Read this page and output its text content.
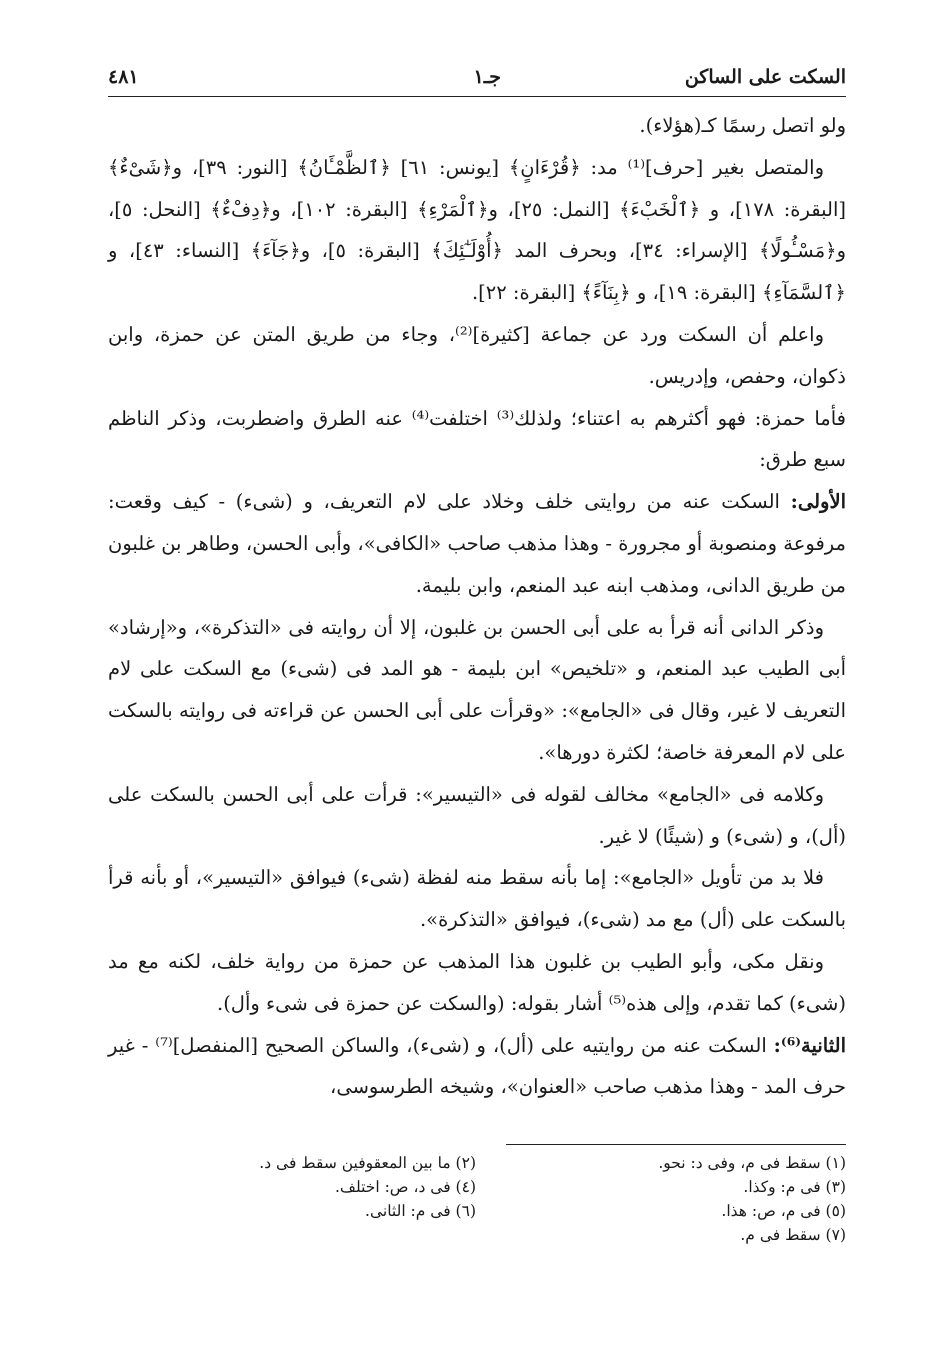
السكت على الساكن
جـ١
٤٨١

ولو اتصل رسمًا كـ(هؤلاء).

والمتصل بغير [حرف]⁽¹⁾ مد: ﴿قُرْءَانٍ﴾ [يونس: ٦١] ﴿ٱلظَّمْـَٔانُ﴾ [النور: ٣٩]، و﴿شَىْءٌ﴾ [البقرة: ١٧٨]، و ﴿ٱلْخَبْءَ﴾ [النمل: ٢٥]، و﴿ٱلْمَرْءِ﴾ [البقرة: ١٠٢]، و﴿دِفْءٌ﴾ [النحل: ٥]، و﴿مَسْـُٔولًا﴾ [الإسراء: ٣٤]، وبحرف المد ﴿أُوْلَـٰٓئِكَ﴾ [البقرة: ٥]، و﴿جَآءَ﴾ [النساء: ٤٣]، و ﴿ٱلسَّمَآءِ﴾ [البقرة: ١٩]، و ﴿بِنَآءً﴾ [البقرة: ٢٢].

واعلم أن السكت ورد عن جماعة [كثيرة]⁽²⁾، وجاء من طريق المتن عن حمزة، وابن ذكوان، وحفص، وإدريس.

فأما حمزة: فهو أكثرهم به اعتناء؛ ولذلك⁽³⁾ اختلفت⁽⁴⁾ عنه الطرق واضطربت، وذكر الناظم سبع طرق:

الأولى: السكت عنه من روايتى خلف وخلاد على لام التعريف، و (شىء) - كيف وقعت: مرفوعة ومنصوبة أو مجرورة - وهذا مذهب صاحب «الكافى»، وأبى الحسن، وطاهر بن غلبون من طريق الدانى، ومذهب ابنه عبد المنعم، وابن بليمة.

وذكر الدانى أنه قرأ به على أبى الحسن بن غلبون، إلا أن روايته فى «التذكرة»، و«إرشاد» أبى الطيب عبد المنعم، و «تلخيص» ابن بليمة - هو المد فى (شىء) مع السكت على لام التعريف لا غير، وقال فى «الجامع»: «وقرأت على أبى الحسن عن قراءته فى روايته بالسكت على لام المعرفة خاصة؛ لكثرة دورها».

وكلامه فى «الجامع» مخالف لقوله فى «التيسير»: قرأت على أبى الحسن بالسكت على (أل)، و (شىء) و (شيئًا) لا غير.

فلا بد من تأويل «الجامع»: إما بأنه سقط منه لفظة (شىء) فيوافق «التيسير»، أو بأنه قرأ بالسكت على (أل) مع مد (شىء)، فيوافق «التذكرة».

ونقل مكى، وأبو الطيب بن غلبون هذا المذهب عن حمزة من رواية خلف، لكنه مع مد (شىء) كما تقدم، وإلى هذه⁽⁵⁾ أشار بقوله: (والسكت عن حمزة فى شىء وأل).

الثانية⁽⁶⁾: السكت عنه من روايتيه على (أل)، و (شىء)، والساكن الصحيح [المنفصل]⁽⁷⁾ - غير حرف المد - وهذا مذهب صاحب «العنوان»، وشيخه الطرسوسى،

(١) سقط فى م، وفى د: نحو.
(٢) ما بين المعقوفين سقط فى د.
(٣) فى م: وكذا.
(٤) فى د، ص: اختلف.
(٥) فى م، ص: هذا.
(٦) فى م: الثانى.
(٧) سقط فى م.
